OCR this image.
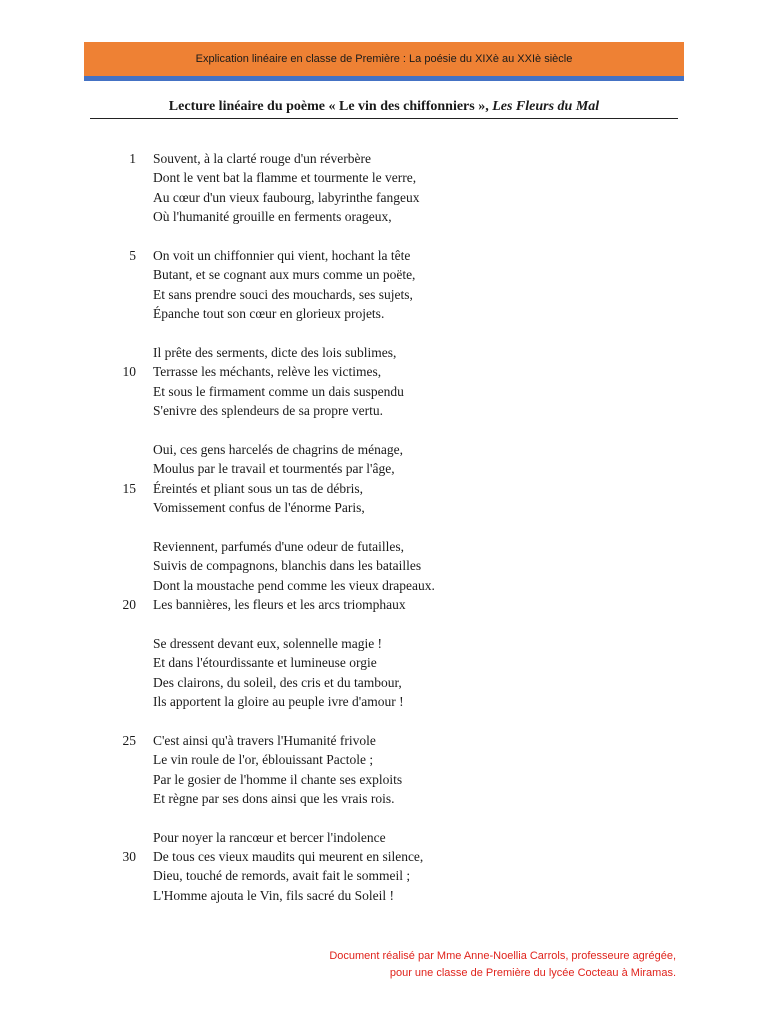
Explication linéaire en classe de Première : La poésie du XIXè au XXIè siècle
Lecture linéaire du poème « Le vin des chiffonniers », Les Fleurs du Mal
1 Souvent, à la clarté rouge d'un réverbère
Dont le vent bat la flamme et tourmente le verre,
Au cœur d'un vieux faubourg, labyrinthe fangeux
Où l'humanité grouille en ferments orageux,
5 On voit un chiffonnier qui vient, hochant la tête
Butant, et se cognant aux murs comme un poëte,
Et sans prendre souci des mouchards, ses sujets,
Épanche tout son cœur en glorieux projets.
Il prête des serments, dicte des lois sublimes,
10 Terrasse les méchants, relève les victimes,
Et sous le firmament comme un dais suspendu
S'enivre des splendeurs de sa propre vertu.
Oui, ces gens harcelés de chagrins de ménage,
Moulus par le travail et tourmentés par l'âge,
15 Éreintés et pliant sous un tas de débris,
Vomissement confus de l'énorme Paris,
Reviennent, parfumés d'une odeur de futailles,
Suivis de compagnons, blanchis dans les batailles
Dont la moustache pend comme les vieux drapeaux.
20 Les bannières, les fleurs et les arcs triomphaux
Se dressent devant eux, solennelle magie !
Et dans l'étourdissante et lumineuse orgie
Des clairons, du soleil, des cris et du tambour,
Ils apportent la gloire au peuple ivre d'amour !
25 C'est ainsi qu'à travers l'Humanité frivole
Le vin roule de l'or, éblouissant Pactole ;
Par le gosier de l'homme il chante ses exploits
Et règne par ses dons ainsi que les vrais rois.
Pour noyer la rancœur et bercer l'indolence
30 De tous ces vieux maudits qui meurent en silence,
Dieu, touché de remords, avait fait le sommeil ;
L'Homme ajouta le Vin, fils sacré du Soleil !
Document réalisé par Mme Anne-Noellia Carrols, professeure agrégée,
pour une classe de Première du lycée Cocteau à Miramas.
